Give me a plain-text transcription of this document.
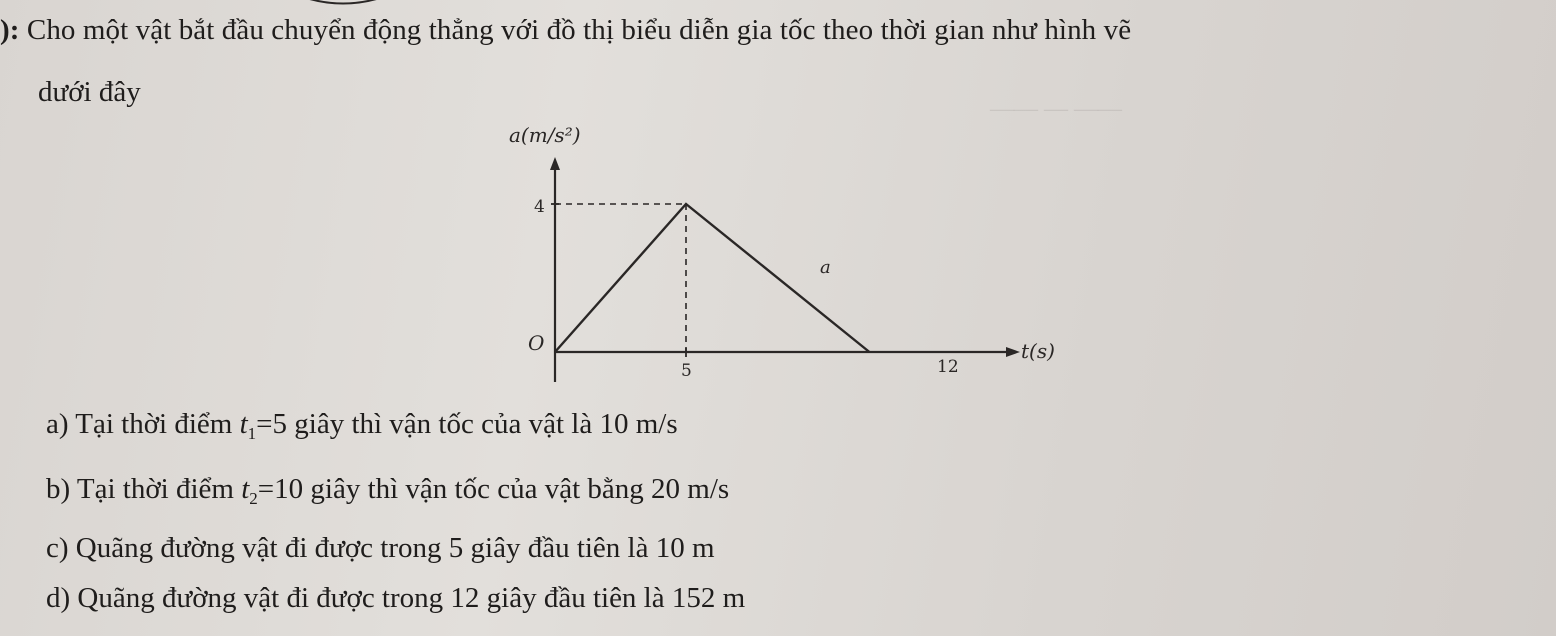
—— — ——
): Cho một vật bắt đầu chuyển động thẳng với đồ thị biểu diễn gia tốc theo thời gian như hình vẽ
dưới đây
a(m/s²)
t(s)
O
a
4
5	12
a) Tại thời điểm $t_1=5$ giây thì vận tốc của vật là 10 m/s
b) Tại thời điểm $t_2=10$ giây thì vận tốc của vật bằng 20 m/s
c) Quãng đường vật đi được trong 5 giây đầu tiên là 10 m
d) Quãng đường vật đi được trong 12 giây đầu tiên là 152 m
